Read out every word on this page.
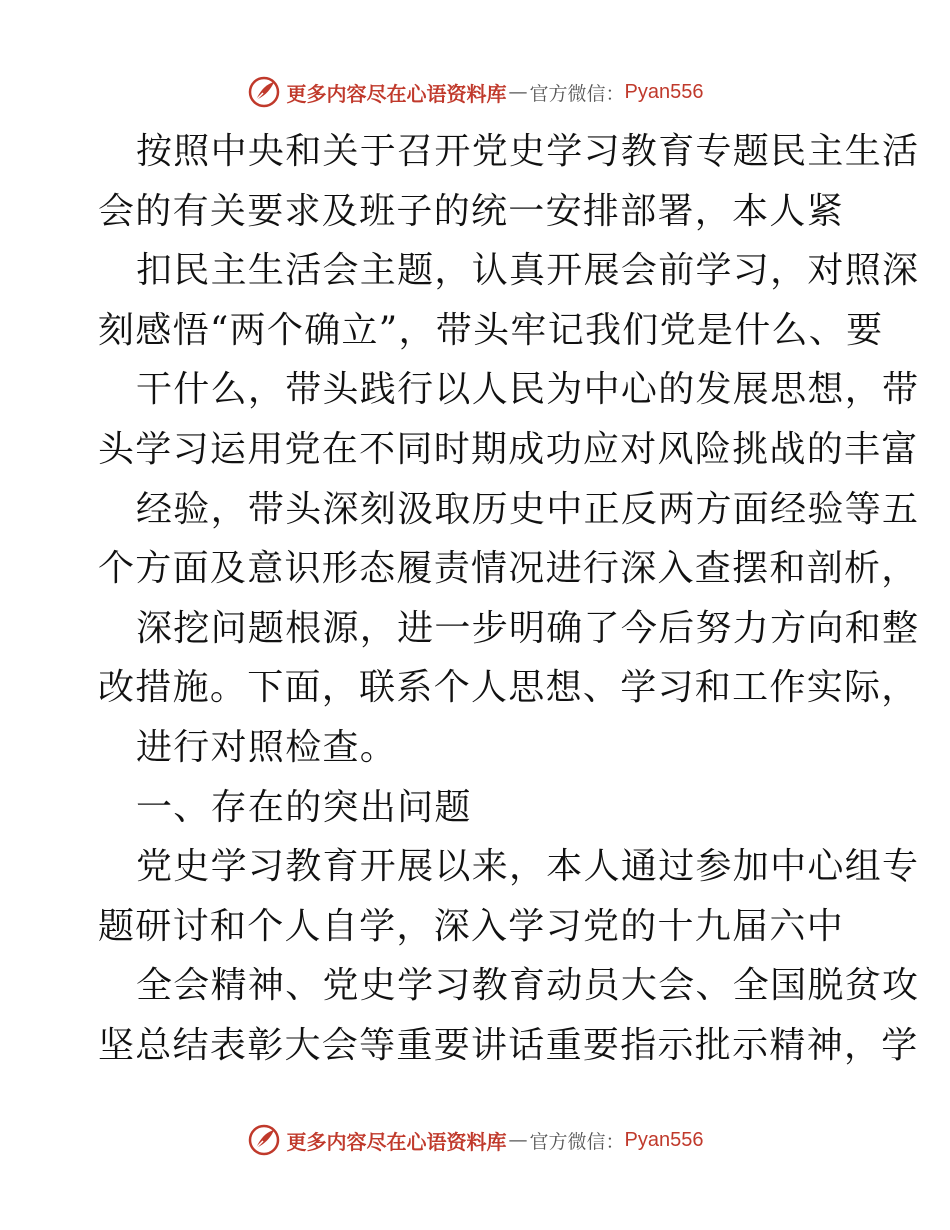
更多内容尽在心语资料库 — 官方微信： Pyan556
按照中央和关于召开党史学习教育专题民主生活
会的有关要求及班子的统一安排部署，本人紧
扣民主生活会主题，认真开展会前学习，对照深
刻感悟“两个确立”，带头牢记我们党是什么、要
干什么，带头践行以人民为中心的发展思想，带
头学习运用党在不同时期成功应对风险挑战的丰富
经验，带头深刻汲取历史中正反两方面经验等五
个方面及意识形态履责情况进行深入查摆和剖析，
深挖问题根源，进一步明确了今后努力方向和整
改措施。下面，联系个人思想、学习和工作实际，
进行对照检查。
一、存在的突出问题
党史学习教育开展以来，本人通过参加中心组专
题研讨和个人自学，深入学习党的十九届六中
全会精神、党史学习教育动员大会、全国脱贫攻
坚总结表彰大会等重要讲话重要指示批示精神，学
更多内容尽在心语资料库 — 官方微信： Pyan556
